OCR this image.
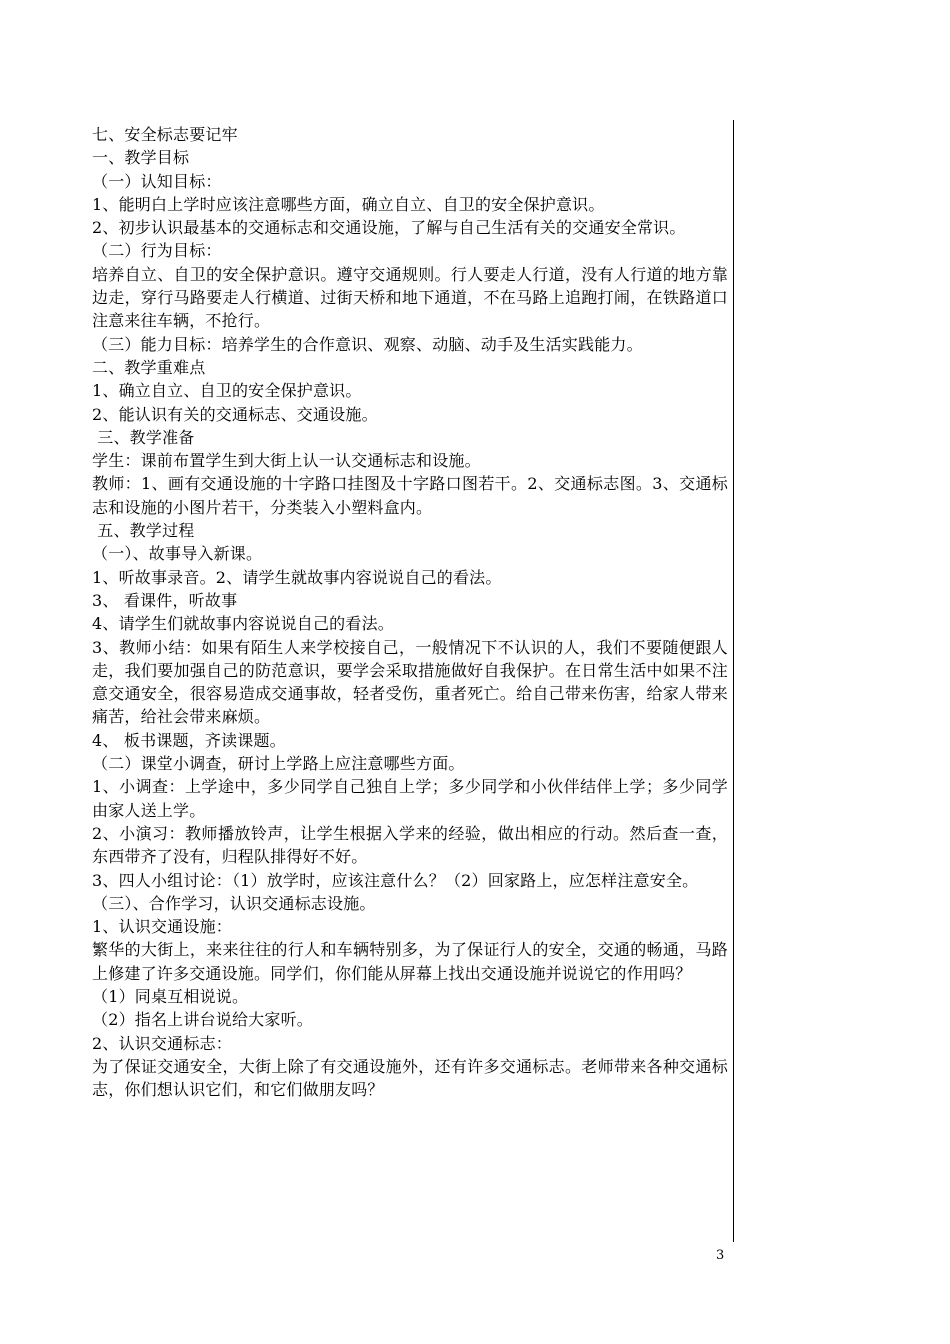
七、安全标志要记牢

一、教学目标

（一）认知目标：

1、能明白上学时应该注意哪些方面，确立自立、自卫的安全保护意识。

2、初步认识最基本的交通标志和交通设施，了解与自己生活有关的交通安全常识。

（二）行为目标：

培养自立、自卫的安全保护意识。遵守交通规则。行人要走人行道，没有人行道的地方靠边走，穿行马路要走人行横道、过街天桥和地下通道，不在马路上追跑打闹，在铁路道口注意来往车辆，不抢行。

（三）能力目标：培养学生的合作意识、观察、动脑、动手及生活实践能力。

二、教学重难点

1、确立自立、自卫的安全保护意识。

2、能认识有关的交通标志、交通设施。

三、教学准备

学生：课前布置学生到大街上认一认交通标志和设施。

教师：1、画有交通设施的十字路口挂图及十字路口图若干。2、交通标志图。3、交通标志和设施的小图片若干，分类装入小塑料盒内。

五、教学过程

（一）、故事导入新课。

1、听故事录音。2、请学生就故事内容说说自己的看法。

3、 看课件，听故事

4、请学生们就故事内容说说自己的看法。

3、教师小结：如果有陌生人来学校接自己，一般情况下不认识的人，我们不要随便跟人走，我们要加强自己的防范意识，要学会采取措施做好自我保护。在日常生活中如果不注意交通安全，很容易造成交通事故，轻者受伤，重者死亡。给自己带来伤害，给家人带来痛苦，给社会带来麻烦。

4、 板书课题，齐读课题。

（二）课堂小调查，研讨上学路上应注意哪些方面。

1、小调查：上学途中，多少同学自己独自上学；多少同学和小伙伴结伴上学；多少同学由家人送上学。

2、小演习：教师播放铃声，让学生根据入学来的经验，做出相应的行动。然后查一查，东西带齐了没有，归程队排得好不好。

3、四人小组讨论：（1）放学时，应该注意什么？（2）回家路上，应怎样注意安全。

（三）、合作学习，认识交通标志设施。

1、认识交通设施：

繁华的大街上，来来往往的行人和车辆特别多，为了保证行人的安全，交通的畅通，马路上修建了许多交通设施。同学们，你们能从屏幕上找出交通设施并说说它的作用吗？

（1）同桌互相说说。

（2）指名上讲台说给大家听。

2、认识交通标志：

为了保证交通安全，大街上除了有交通设施外，还有许多交通标志。老师带来各种交通标志，你们想认识它们，和它们做朋友吗？

3
